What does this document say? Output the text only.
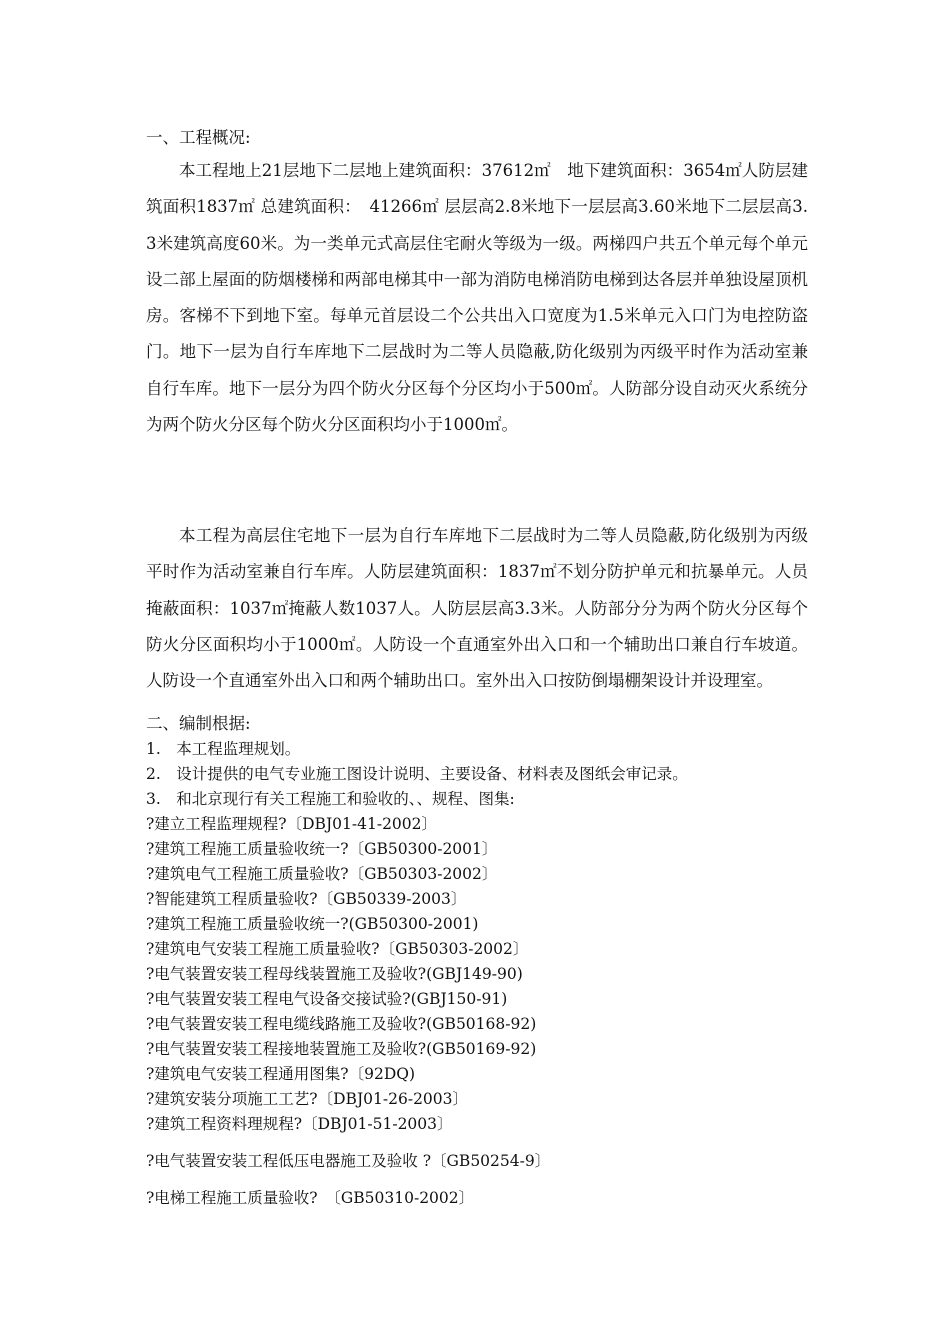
一、工程概况:

本工程地上21层地下二层地上建筑面积：37612㎡　地下建筑面积：3654㎡人防层建筑面积1837㎡ 总建筑面积：　41266㎡ 层层高2.8米地下一层层高3.60米地下二层层高3.3米建筑高度60米。为一类单元式高层住宅耐火等级为一级。两梯四户共五个单元每个单元设二部上屋面的防烟楼梯和两部电梯其中一部为消防电梯消防电梯到达各层并单独设屋顶机房。客梯不下到地下室。每单元首层设二个公共出入口宽度为1.5米单元入口门为电控防盗门。地下一层为自行车库地下二层战时为二等人员隐蔽,防化级别为丙级平时作为活动室兼自行车库。地下一层分为四个防火分区每个分区均小于500㎡。人防部分设自动灭火系统分为两个防火分区每个防火分区面积均小于1000㎡。

本工程为高层住宅地下一层为自行车库地下二层战时为二等人员隐蔽,防化级别为丙级平时作为活动室兼自行车库。人防层建筑面积：1837㎡不划分防护单元和抗暴单元。人员掩蔽面积：1037㎡掩蔽人数1037人。人防层层高3.3米。人防部分分为两个防火分区每个防火分区面积均小于1000㎡。人防设一个直通室外出入口和一个辅助出口兼自行车坡道。人防设一个直通室外出入口和两个辅助出口。室外出入口按防倒塌棚架设计并设理室。

二、编制根据:
1.　本工程监理规划。
2.　设计提供的电气专业施工图设计说明、主要设备、材料表及图纸会审记录。
3.　和北京现行有关工程施工和验收的、、规程、图集:
?建立工程监理规程?〔DBJ01-41-2002〕
?建筑工程施工质量验收统一?〔GB50300-2001〕
?建筑电气工程施工质量验收?〔GB50303-2002〕
?智能建筑工程质量验收?〔GB50339-2003〕
?建筑工程施工质量验收统一?(GB50300-2001)
?建筑电气安装工程施工质量验收?〔GB50303-2002〕
?电气装置安装工程母线装置施工及验收?(GBJ149-90)
?电气装置安装工程电气设备交接试验?(GBJ150-91)
?电气装置安装工程电缆线路施工及验收?(GB50168-92)
?电气装置安装工程接地装置施工及验收?(GB50169-92)
?建筑电气安装工程通用图集?〔92DQ)
?建筑安装分项施工工艺?〔DBJ01-26-2003〕
?建筑工程资料理规程?〔DBJ01-51-2003〕
?电气装置安装工程低压电器施工及验收 ?〔GB50254-9〕
?电梯工程施工质量验收?　〔GB50310-2002〕
